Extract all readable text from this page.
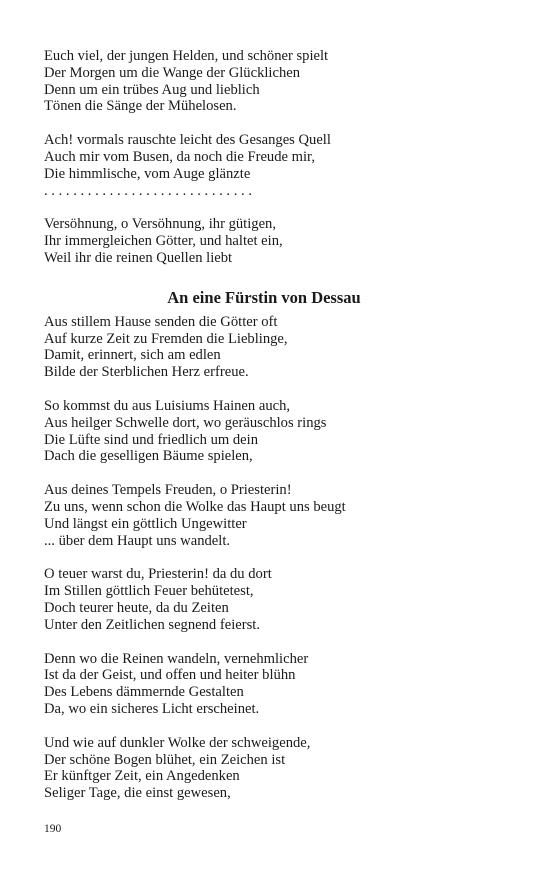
Euch viel, der jungen Helden, und schöner spielt
Der Morgen um die Wange der Glücklichen
Denn um ein trübes Aug und lieblich
Tönen die Sänge der Mühelosen.
Ach! vormals rauschte leicht des Gesanges Quell
Auch mir vom Busen, da noch die Freude mir,
Die himmlische, vom Auge glänzte
. . . . . . . . . . . . . . . . . . . . . . . . . . . . .
Versöhnung, o Versöhnung, ihr gütigen,
Ihr immergleichen Götter, und haltet ein,
Weil ihr die reinen Quellen liebt
An eine Fürstin von Dessau
Aus stillem Hause senden die Götter oft
Auf kurze Zeit zu Fremden die Lieblinge,
Damit, erinnert, sich am edlen
Bilde der Sterblichen Herz erfreue.
So kommst du aus Luisiums Hainen auch,
Aus heilger Schwelle dort, wo geräuschlos rings
Die Lüfte sind und friedlich um dein
Dach die geselligen Bäume spielen,
Aus deines Tempels Freuden, o Priesterin!
Zu uns, wenn schon die Wolke das Haupt uns beugt
Und längst ein göttlich Ungewitter
... über dem Haupt uns wandelt.
O teuer warst du, Priesterin! da du dort
Im Stillen göttlich Feuer behütetest,
Doch teurer heute, da du Zeiten
Unter den Zeitlichen segnend feierst.
Denn wo die Reinen wandeln, vernehmlicher
Ist da der Geist, und offen und heiter blühn
Des Lebens dämmernde Gestalten
Da, wo ein sicheres Licht erscheinet.
Und wie auf dunkler Wolke der schweigende,
Der schöne Bogen blühet, ein Zeichen ist
Er künftger Zeit, ein Angedenken
Seliger Tage, die einst gewesen,
190
